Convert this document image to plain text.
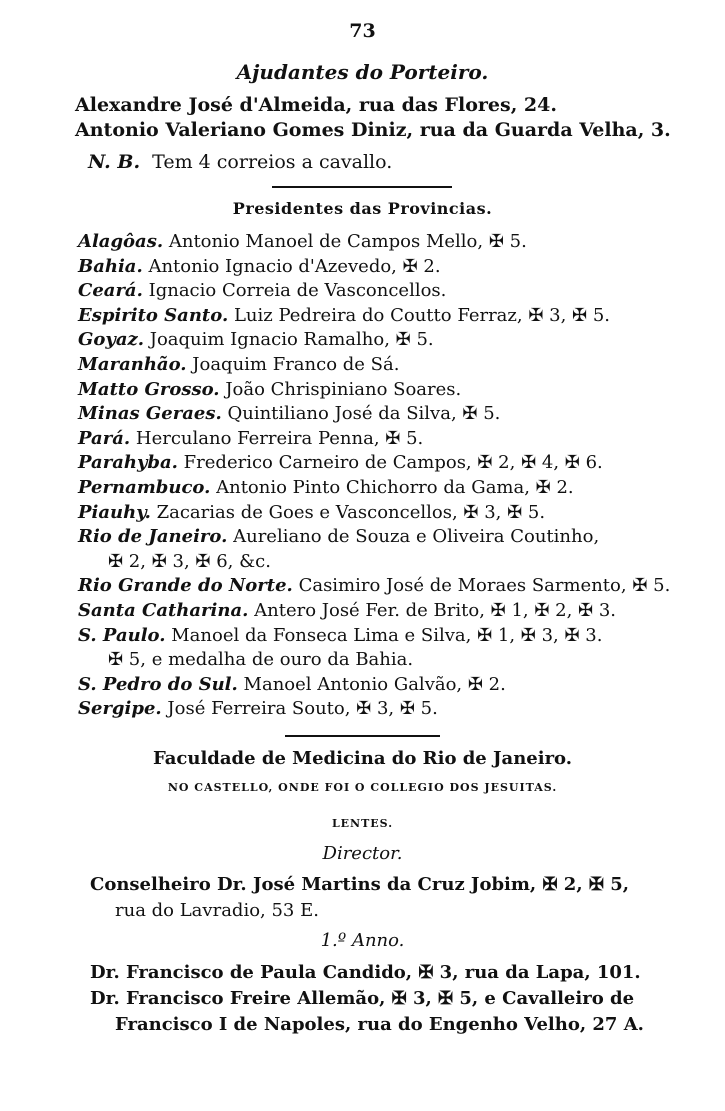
73
Ajudantes do Porteiro.
Alexandre José d'Almeida, rua das Flores, 24.
Antonio Valeriano Gomes Diniz, rua da Guarda Velha, 3.
N. B. Tem 4 correios a cavallo.
Presidentes das Provincias.
Alagôas. Antonio Manoel de Campos Mello, ✠ 5.
Bahia. Antonio Ignacio d'Azevedo, ✠ 2.
Ceará. Ignacio Correia de Vasconcellos.
Espirito Santo. Luiz Pedreira do Coutto Ferraz, ✠ 3, ✠ 5.
Goyaz. Joaquim Ignacio Ramalho, ✠ 5.
Maranhão. Joaquim Franco de Sá.
Matto Grosso. João Chrispiniano Soares.
Minas Geraes. Quintiliano José da Silva, ✠ 5.
Pará. Herculano Ferreira Penna, ✠ 5.
Parahyba. Frederico Carneiro de Campos, ✠ 2, ✠ 4, ✠ 6.
Pernambuco. Antonio Pinto Chichorro da Gama, ✠ 2.
Piauhy. Zacarias de Goes e Vasconcellos, ✠ 3, ✠ 5.
Rio de Janeiro. Aureliano de Souza e Oliveira Coutinho,
✠ 2, ✠ 3, ✠ 6, &c.
Rio Grande do Norte. Casimiro José de Moraes Sarmento, ✠ 5.
Santa Catharina. Antero José Fer. de Brito, ✠ 1, ✠ 2, ✠ 3.
S. Paulo. Manoel da Fonseca Lima e Silva, ✠ 1, ✠ 3, ✠ 3.
✠ 5, e medalha de ouro da Bahia.
S. Pedro do Sul. Manoel Antonio Galvão, ✠ 2.
Sergipe. José Ferreira Souto, ✠ 3, ✠ 5.
Faculdade de Medicina do Rio de Janeiro.
NO CASTELLO, ONDE FOI O COLLEGIO DOS JESUITAS.
LENTES.
Director.
Conselheiro Dr. José Martins da Cruz Jobim, ✠ 2, ✠ 5,
rua do Lavradio, 53 E.
1.º Anno.
Dr. Francisco de Paula Candido, ✠ 3, rua da Lapa, 101.
Dr. Francisco Freire Allemão, ✠ 3, ✠ 5, e Cavalleiro de
Francisco I de Napoles, rua do Engenho Velho, 27 A.
